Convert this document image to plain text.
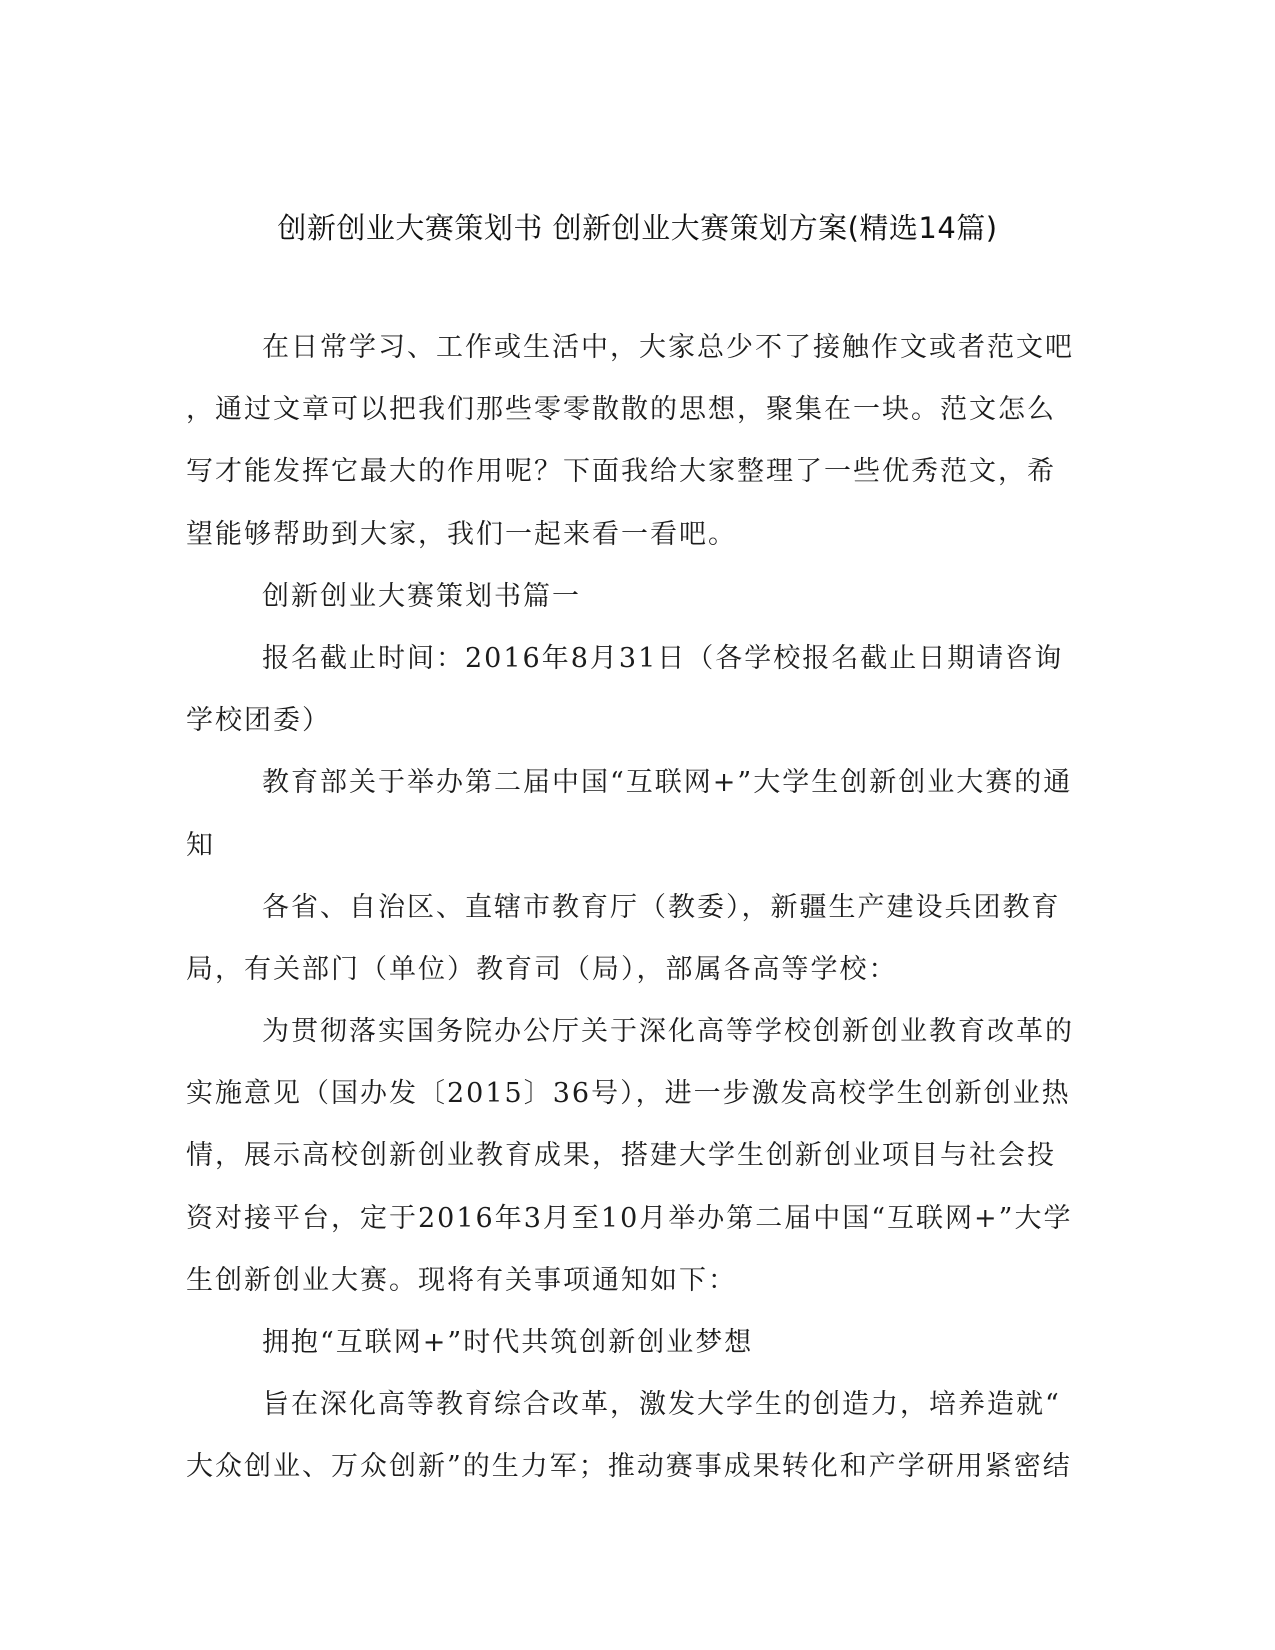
创新创业大赛策划书 创新创业大赛策划方案(精选14篇)
在日常学习、工作或生活中，大家总少不了接触作文或者范文吧
，通过文章可以把我们那些零零散散的思想，聚集在一块。范文怎么
写才能发挥它最大的作用呢？下面我给大家整理了一些优秀范文，希
望能够帮助到大家，我们一起来看一看吧。
创新创业大赛策划书篇一
报名截止时间：2016年8月31日（各学校报名截止日期请咨询
学校团委）
教育部关于举办第二届中国“互联网+”大学生创新创业大赛的通
知
各省、自治区、直辖市教育厅（教委），新疆生产建设兵团教育
局，有关部门（单位）教育司（局），部属各高等学校：
为贯彻落实国务院办公厅关于深化高等学校创新创业教育改革的
实施意见（国办发〔2015〕36号），进一步激发高校学生创新创业热
情，展示高校创新创业教育成果，搭建大学生创新创业项目与社会投
资对接平台，定于2016年3月至10月举办第二届中国“互联网+”大学
生创新创业大赛。现将有关事项通知如下：
拥抱“互联网+”时代共筑创新创业梦想
旨在深化高等教育综合改革，激发大学生的创造力，培养造就“
大众创业、万众创新”的生力军；推动赛事成果转化和产学研用紧密结
